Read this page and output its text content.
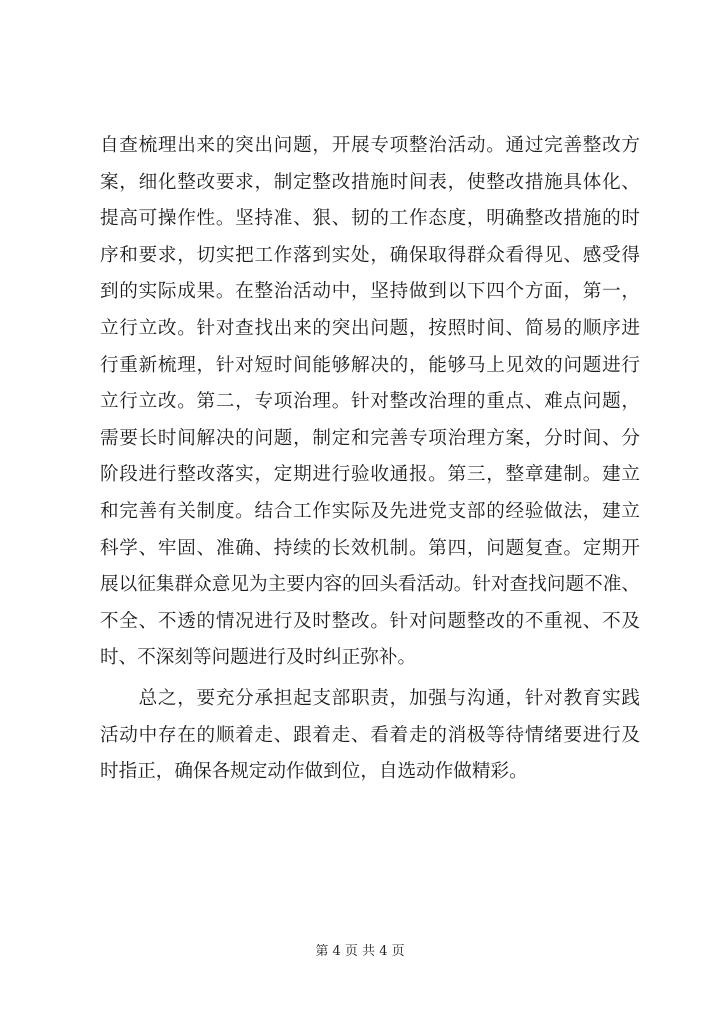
自查梳理出来的突出问题，开展专项整治活动。通过完善整改方
案，细化整改要求，制定整改措施时间表，使整改措施具体化、
提高可操作性。坚持准、狠、韧的工作态度，明确整改措施的时
序和要求，切实把工作落到实处，确保取得群众看得见、感受得
到的实际成果。在整治活动中，坚持做到以下四个方面，第一，
立行立改。针对查找出来的突出问题，按照时间、简易的顺序进
行重新梳理，针对短时间能够解决的，能够马上见效的问题进行
立行立改。第二，专项治理。针对整改治理的重点、难点问题，
需要长时间解决的问题，制定和完善专项治理方案，分时间、分
阶段进行整改落实，定期进行验收通报。第三，整章建制。建立
和完善有关制度。结合工作实际及先进党支部的经验做法，建立
科学、牢固、准确、持续的长效机制。第四，问题复查。定期开
展以征集群众意见为主要内容的回头看活动。针对查找问题不准、
不全、不透的情况进行及时整改。针对问题整改的不重视、不及
时、不深刻等问题进行及时纠正弥补。
　　总之，要充分承担起支部职责，加强与沟通，针对教育实践
活动中存在的顺着走、跟着走、看着走的消极等待情绪要进行及
时指正，确保各规定动作做到位，自选动作做精彩。
第 4 页 共 4 页
